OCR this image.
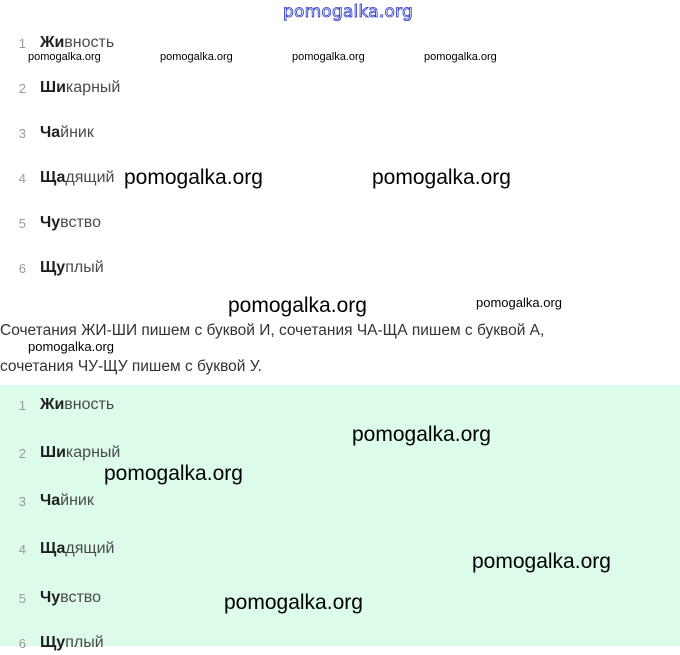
pomogalka.org
1 Живность
2 Шикарный
3 Чайник
4 Щадящий
5 Чувство
6 Щуплый
Сочетания ЖИ-ШИ пишем с буквой И, сочетания ЧА-ЩА пишем с буквой А,
сочетания ЧУ-ЩУ пишем с буквой У.
1 Живность
2 Шикарный
3 Чайник
4 Щадящий
5 Чувство
6 Щуплый
pomogalka.org	pomogalka.org	pomogalka.org	pomogalka.org
pomogalka.org	pomogalka.org
pomogalka.org	pomogalka.org
pomogalka.org
pomogalka.org
pomogalka.org
pomogalka.org
pomogalka.org
